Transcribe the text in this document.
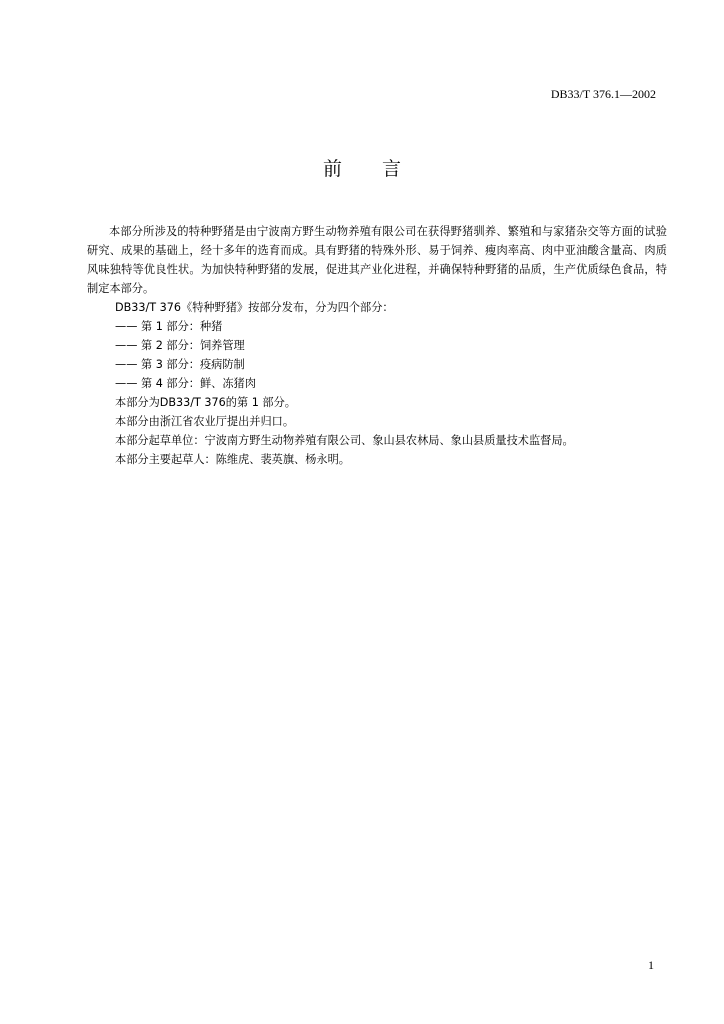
DB33/T 376.1—2002
前 言

本部分所涉及的特种野猪是由宁波南方野生动物养殖有限公司在获得野猪驯养、繁殖和与家猪杂交等方面的试验研究、成果的基础上，经十多年的选育而成。具有野猪的特殊外形、易于饲养、瘦肉率高、肉中亚油酸含量高、肉质风味独特等优良性状。为加快特种野猪的发展，促进其产业化进程，并确保特种野猪的品质，生产优质绿色食品，特制定本部分。

DB33/T 376《特种野猪》按部分发布，分为四个部分：

—— 第 1 部分：种猪

—— 第 2 部分：饲养管理

—— 第 3 部分：疫病防制

—— 第 4 部分：鲜、冻猪肉

本部分为DB33/T 376的第 1 部分。

本部分由浙江省农业厅提出并归口。

本部分起草单位：宁波南方野生动物养殖有限公司、象山县农林局、象山县质量技术监督局。

本部分主要起草人：陈维虎、裴英旗、杨永明。

1
